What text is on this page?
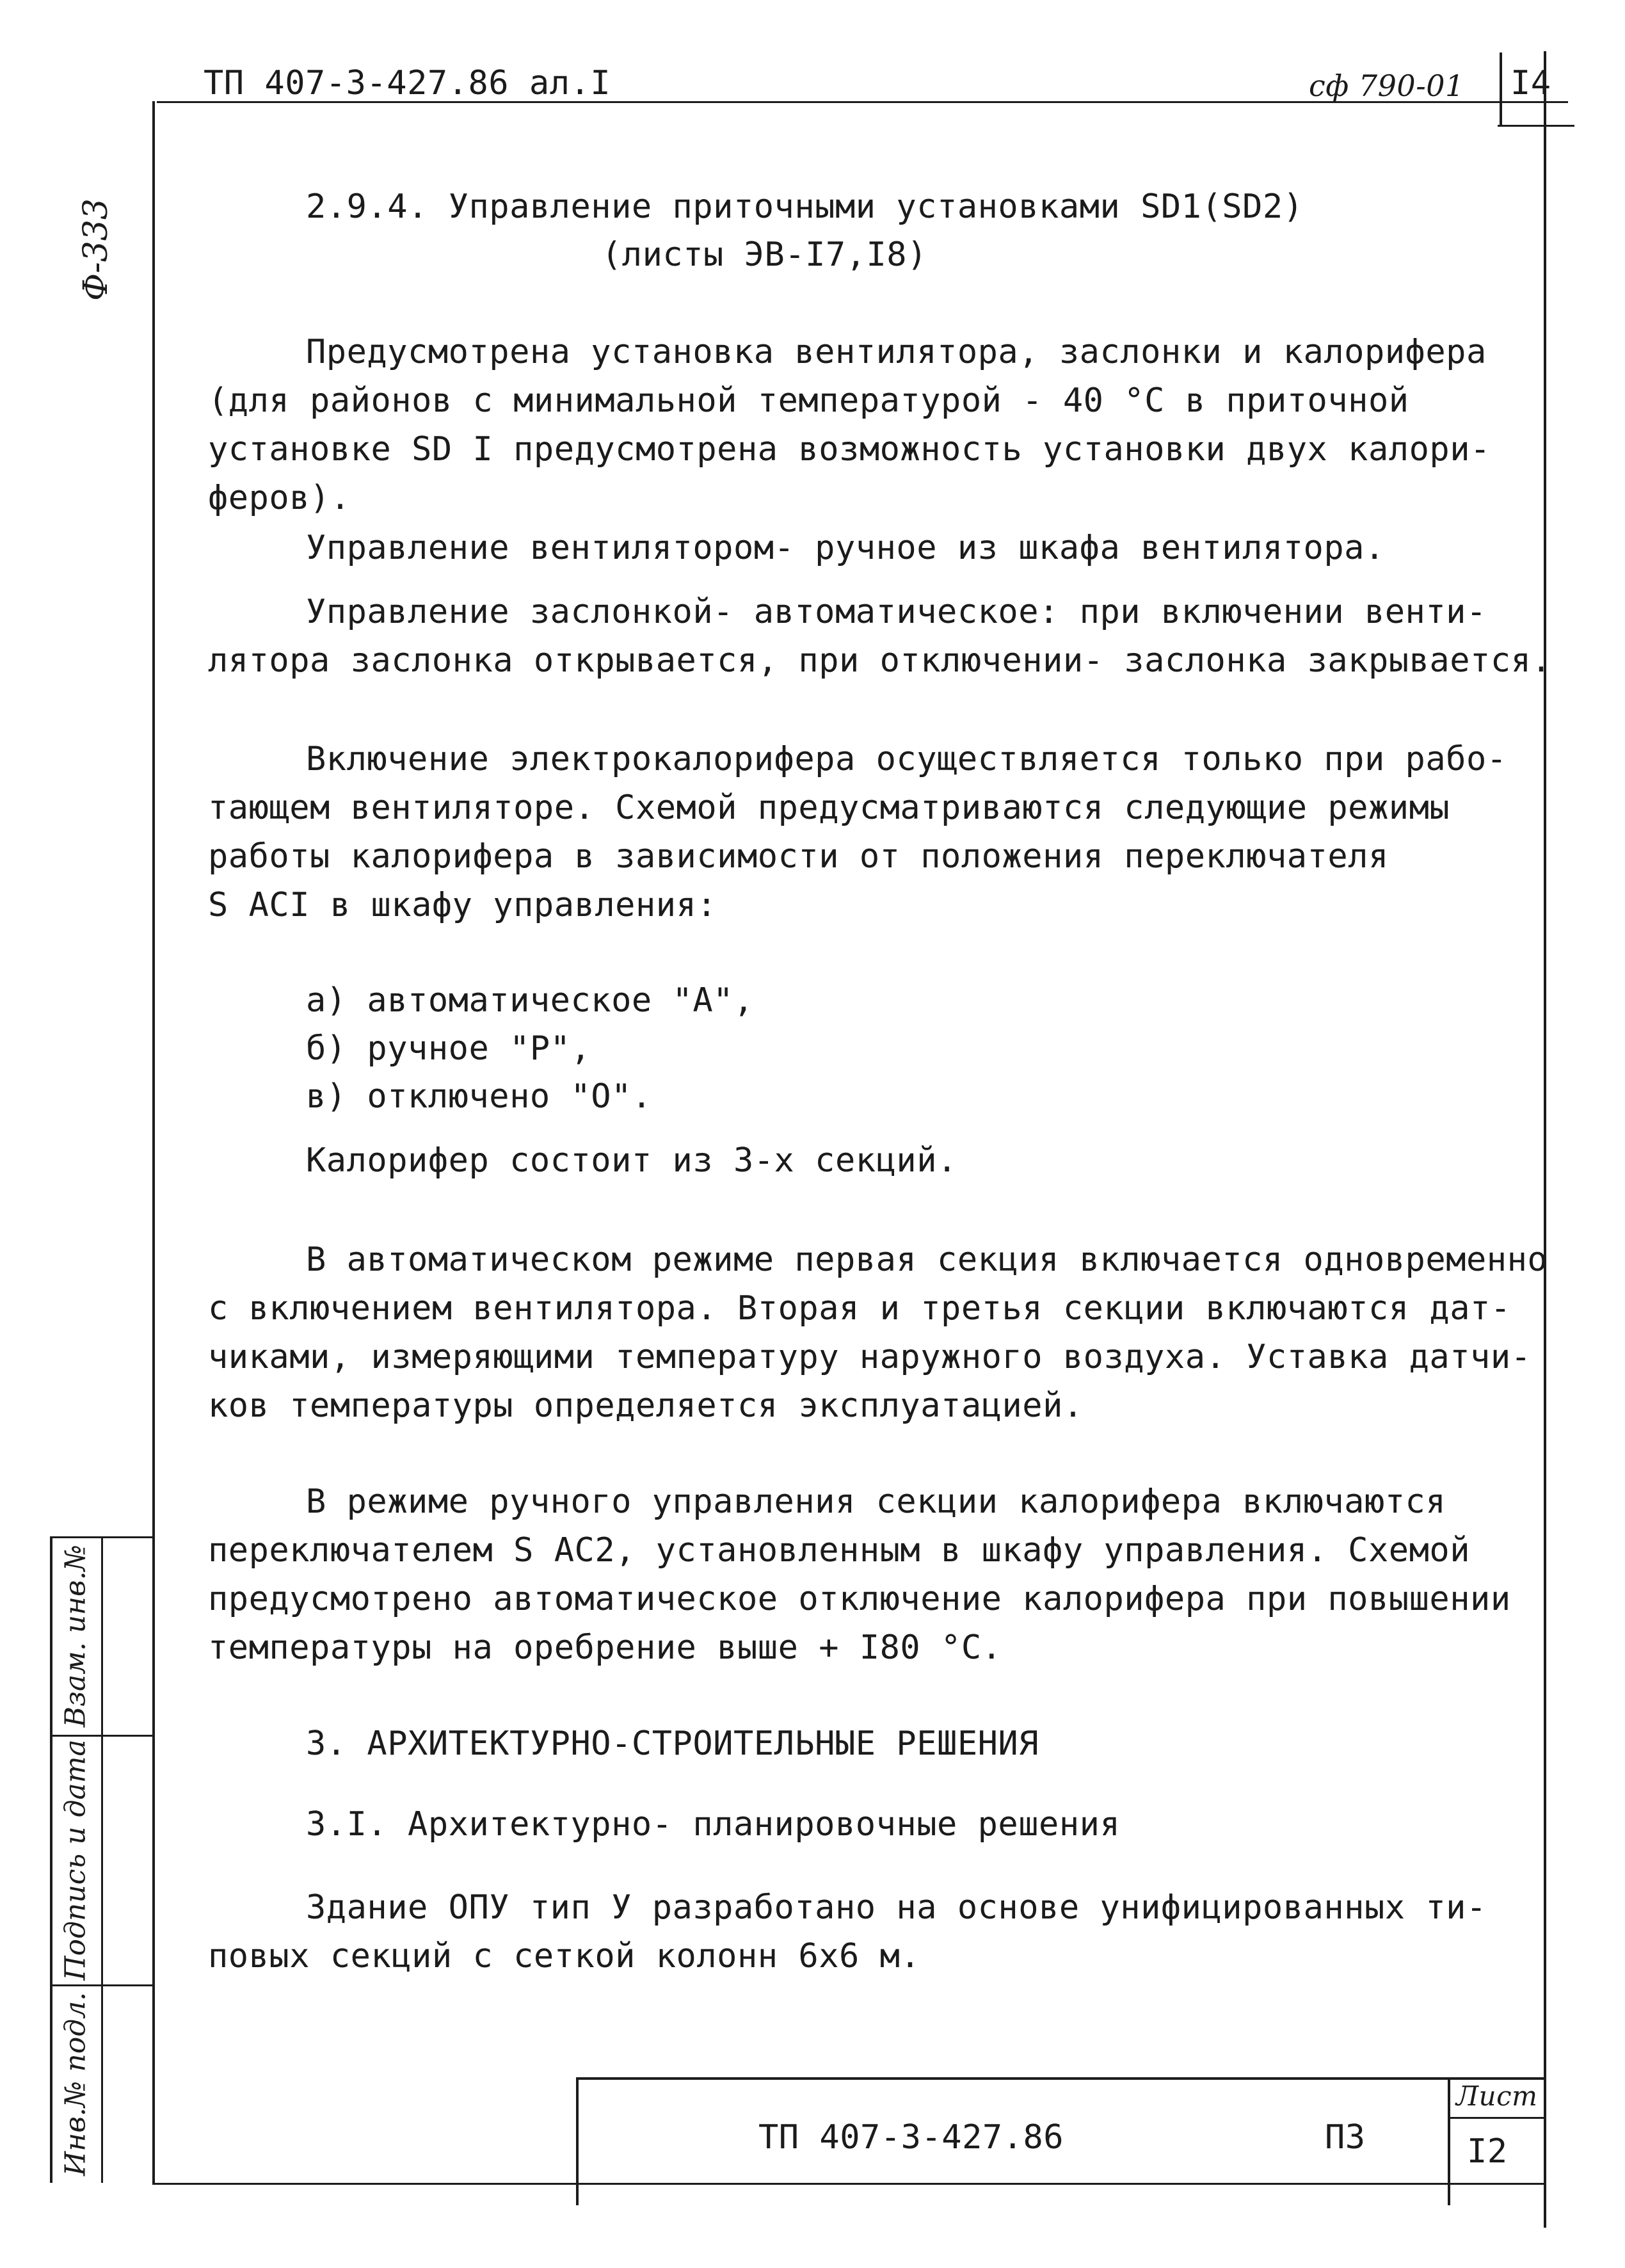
ТП 407-3-427.86 ал.I	сф 790-01 I4
Ф-333	2.9.4. Управление приточными установками SD1(SD2)
(листы ЭВ-I7,I8)
Предусмотрена установка вентилятора, заслонки и калорифера
(для районов с минимальной температурой - 40 °С в приточной
установке SD I предусмотрена возможность установки двух калори-
феров).
Управление вентилятором- ручное из шкафа вентилятора.
Управление заслонкой- автоматическое: при включении венти-
лятора заслонка открывается, при отключении- заслонка закрывается.
Включение электрокалорифера осуществляется только при рабо-
тающем вентиляторе. Схемой предусматриваются следующие режимы
работы калорифера в зависимости от положения переключателя
S ACI в шкафу управления:
а) автоматическое "А",
б) ручное "Р",
в) отключено "О".
Калорифер состоит из 3-х секций.
В автоматическом режиме первая секция включается одновременно
с включением вентилятора. Вторая и третья секции включаются дат-
чиками, измеряющими температуру наружного воздуха. Уставка датчи-
ков температуры определяется эксплуатацией.
В режиме ручного управления секции калорифера включаются
переключателем S AC2, установленным в шкафу управления. Схемой
предусмотрено автоматическое отключение калорифера при повышении
температуры на оребрение выше + I80 °С.
3. АРХИТЕКТУРНО-СТРОИТЕЛЬНЫЕ РЕШЕНИЯ
3.I. Архитектурно- планировочные решения
Здание ОПУ тип У разработано на основе унифицированных ти-
повых секций с сеткой колонн 6х6 м.
Взам. инв.№
Подпись и дата
Инв.№ подл.	ТП 407-3-427.86	ПЗ
Лист
I2
